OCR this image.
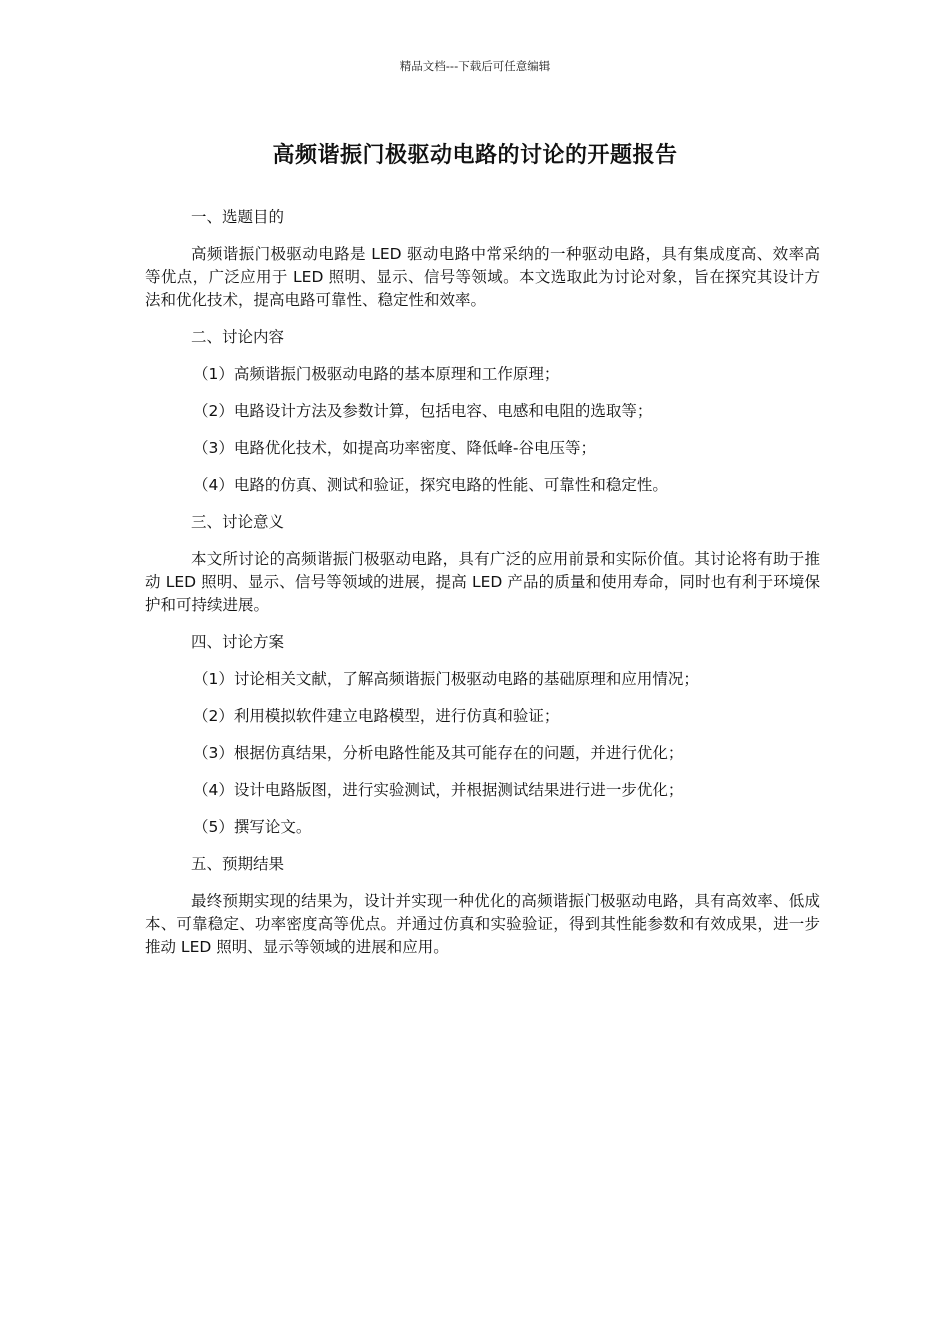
精品文档---下载后可任意编辑
高频谐振门极驱动电路的讨论的开题报告

一、选题目的

高频谐振门极驱动电路是 LED 驱动电路中常采纳的一种驱动电路，具有集成度高、效率高等优点，广泛应用于 LED 照明、显示、信号等领域。本文选取此为讨论对象，旨在探究其设计方法和优化技术，提高电路可靠性、稳定性和效率。

二、讨论内容

（1）高频谐振门极驱动电路的基本原理和工作原理；

（2）电路设计方法及参数计算，包括电容、电感和电阻的选取等；

（3）电路优化技术，如提高功率密度、降低峰-谷电压等；

（4）电路的仿真、测试和验证，探究电路的性能、可靠性和稳定性。

三、讨论意义

本文所讨论的高频谐振门极驱动电路，具有广泛的应用前景和实际价值。其讨论将有助于推动 LED 照明、显示、信号等领域的进展，提高 LED 产品的质量和使用寿命，同时也有利于环境保护和可持续进展。

四、讨论方案

（1）讨论相关文献，了解高频谐振门极驱动电路的基础原理和应用情况；

（2）利用模拟软件建立电路模型，进行仿真和验证；

（3）根据仿真结果，分析电路性能及其可能存在的问题，并进行优化；

（4）设计电路版图，进行实验测试，并根据测试结果进行进一步优化；

（5）撰写论文。

五、预期结果

最终预期实现的结果为，设计并实现一种优化的高频谐振门极驱动电路，具有高效率、低成本、可靠稳定、功率密度高等优点。并通过仿真和实验验证，得到其性能参数和有效成果，进一步推动 LED 照明、显示等领域的进展和应用。
